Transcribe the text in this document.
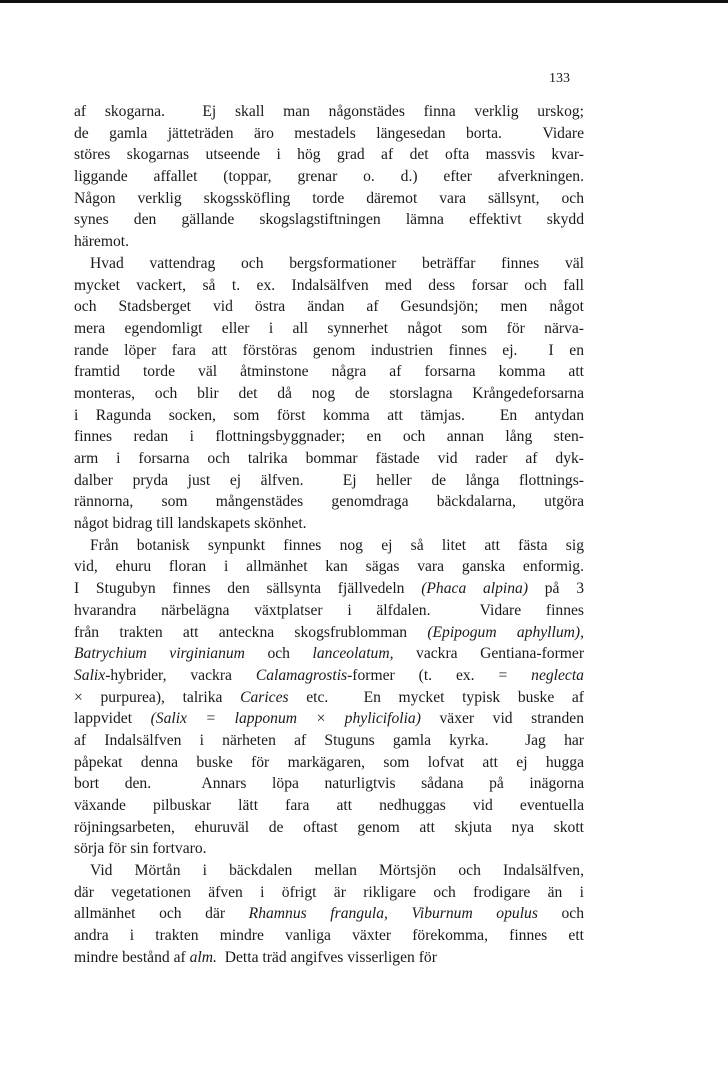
133
af skogarna.  Ej skall man någonstädes finna verklig urskog;
de gamla jätteträden äro mestadels längesedan borta.  Vidare
störes skogarnas utseende i hög grad af det ofta massvis kvar-
liggande affallet (toppar, grenar o. d.) efter afverkningen.
Någon verklig skogssköfling torde däremot vara sällsynt, och
synes den gällande skogslagstiftningen lämna effektivt skydd
häremot.
Hvad vattendrag och bergsformationer beträffar finnes väl
mycket vackert, så t. ex. Indalsälfven med dess forsar och fall
och Stadsberget vid östra ändan af Gesundsjön; men något
mera egendomligt eller i all synnerhet något som för närva-
rande löper fara att förstöras genom industrien finnes ej.  I en
framtid torde väl åtminstone några af forsarna komma att
monteras, och blir det då nog de storslagna Krångedeforsarna
i Ragunda socken, som först komma att tämjas.  En antydan
finnes redan i flottningsbyggnader; en och annan lång sten-
arm i forsarna och talrika bommar fästade vid rader af dyk-
dalber pryda just ej älfven.  Ej heller de långa flottnings-
rännorna, som mångenstädes genomdraga bäckdalarna, utgöra
något bidrag till landskapets skönhet.
Från botanisk synpunkt finnes nog ej så litet att fästa sig
vid, ehuru floran i allmänhet kan sägas vara ganska enformig.
I Stugubyn finnes den sällsynta fjällvedeln (Phaca alpina) på 3
hvarandra närbelägna växtplatser i älfdalen.  Vidare finnes
från trakten att anteckna skogsfrublomman (Epipogum aphyllum),
Batrychium virginianum och lanceolatum, vackra Gentiana-former
Salix-hybrider, vackra Calamagrostis-former (t. ex. = neglecta
× purpurea), talrika Carices etc.  En mycket typisk buske af
lappvidet (Salix = lapponum × phylicifolia) växer vid stranden
af Indalsälfven i närheten af Stuguns gamla kyrka.  Jag har
påpekat denna buske för markägaren, som lofvat att ej hugga
bort den.  Annars löpa naturligtvis sådana på inägorna
växande pilbuskar lätt fara att nedhuggas vid eventuella
röjningsarbeten, ehuruväl de oftast genom att skjuta nya skott
sörja för sin fortvaro.
Vid Mörtån i bäckdalen mellan Mörtsjön och Indalsälfven,
där vegetationen äfven i öfrigt är rikligare och frodigare än i
allmänhet och där Rhamnus frangula, Viburnum opulus och
andra i trakten mindre vanliga växter förekomma, finnes ett
mindre bestånd af alm.  Detta träd angifves visserligen för
